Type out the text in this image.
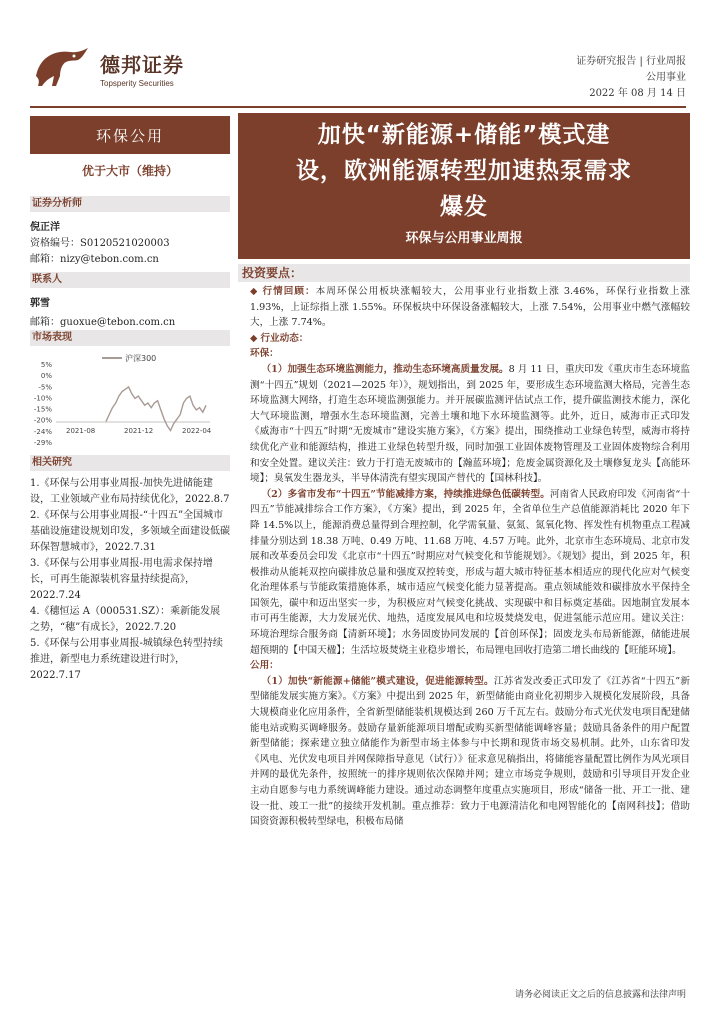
德邦证券
Topsperity Securities
证券研究报告 | 行业周报
公用事业
2022 年 08 月 14 日
环保公用
优于大市（维持）
证券分析师
倪正洋
资格编号：S0120521020003
邮箱：nizy@tebon.com.cn
联系人
郭雪
邮箱：guoxue@tebon.com.cn
市场表现
5%
0%
-5%
-10%
-15%
-20%
-24%
-29%
2021-08	2021-12	2022-04
沪深300
相关研究
1.《环保与公用事业周报-加快先进储能建设，工业领域产业布局持续优化》，2022.8.7
2.《环保与公用事业周报-“十四五”全国城市基础设施建设规划印发，多领域全面建设低碳环保智慧城市》，2022.7.31
3.《环保与公用事业周报-用电需求保持增长，可再生能源装机容量持续提高》，2022.7.24
4.《穗恒运 A（000531.SZ）：乘新能发展之势，“穗”有成长》，2022.7.20
5.《环保与公用事业周报-城镇绿色转型持续推进，新型电力系统建设进行时》，2022.7.17
加快“新能源+储能”模式建
设，欧洲能源转型加速热泵需求
爆发
环保与公用事业周报
投资要点：

◆ 行情回顾：本周环保公用板块涨幅较大，公用事业行业指数上涨 3.46%，环保行业指数上涨 1.93%，上证综指上涨 1.55%。环保板块中环保设备涨幅较大，上涨 7.54%，公用事业中燃气涨幅较大，上涨 7.74%。

◆ 行业动态：

环保：

（1）加强生态环境监测能力，推动生态环境高质量发展。8 月 11 日，重庆印发《重庆市生态环境监测“十四五”规划（2021—2025 年）》，规划指出，到 2025 年，要形成生态环境监测大格局，完善生态环境监测大网络，打造生态环境监测强能力。并开展碳监测评估试点工作，提升碳监测技术能力，深化大气环境监测，增强水生态环境监测，完善土壤和地下水环境监测等。此外，近日，威海市正式印发《威海市“十四五”时期“无废城市”建设实施方案》，《方案》提出，围绕推动工业绿色转型，威海市将持续优化产业和能源结构，推进工业绿色转型升级，同时加强工业固体废物管理及工业固体废物综合利用和安全处置。建议关注：致力于打造无废城市的【瀚蓝环境】；危废金属资源化及土壤修复龙头【高能环境】；臭氧发生器龙头，半导体清洗有望实现国产替代的【国林科技】。

（2）多省市发布“十四五”节能减排方案，持续推进绿色低碳转型。河南省人民政府印发《河南省“十四五”节能减排综合工作方案》，《方案》提出，到 2025 年，全省单位生产总值能源消耗比 2020 年下降 14.5%以上，能源消费总量得到合理控制，化学需氧量、氨氮、氮氧化物、挥发性有机物重点工程减排量分别达到 18.38 万吨、0.49 万吨、11.68 万吨、4.57 万吨。此外，北京市生态环境局、北京市发展和改革委员会印发《北京市“十四五”时期应对气候变化和节能规划》。《规划》提出，到 2025 年，积极推动从能耗双控向碳排放总量和强度双控转变，形成与超大城市特征基本相适应的现代化应对气候变化治理体系与节能政策措施体系，城市适应气候变化能力显著提高。重点领域能效和碳排放水平保持全国领先，碳中和迈出坚实一步，为积极应对气候变化挑战、实现碳中和目标奠定基础。因地制宜发展本市可再生能源，大力发展光伏、地热，适度发展风电和垃圾焚烧发电，促进氢能示范应用。建议关注：环境治理综合服务商【清新环境】；水务固废协同发展的【首创环保】；固废龙头布局新能源，储能进展超预期的【中国天楹】；生活垃圾焚烧主业稳步增长，布局锂电回收打造第二增长曲线的【旺能环境】。

公用：

（1）加快“新能源+储能”模式建设，促进能源转型。江苏省发改委正式印发了《江苏省“十四五”新型储能发展实施方案》。《方案》中提出到 2025 年，新型储能由商业化初期步入规模化发展阶段，具备大规模商业化应用条件，全省新型储能装机规模达到 260 万千瓦左右。鼓励分布式光伏发电项目配建储能电站或购买调峰服务。鼓励存量新能源项目增配或购买新型储能调峰容量；鼓励具备条件的用户配置新型储能；探索建立独立储能作为新型市场主体参与中长期和现货市场交易机制。此外，山东省印发《风电、光伏发电项目并网保障指导意见（试行）》征求意见稿指出，将储能容量配置比例作为风光项目并网的最优先条件，按照统一的排序规则依次保障并网；建立市场竞争规则，鼓励和引导项目开发企业主动自愿参与电力系统调峰能力建设。通过动态调整年度重点实施项目，形成“储备一批、开工一批、建设一批、竣工一批”的接续开发机制。重点推荐：致力于电源清洁化和电网智能化的【南网科技】；借助国资资源积极转型绿电，积极布局储

请务必阅读正文之后的信息披露和法律声明
